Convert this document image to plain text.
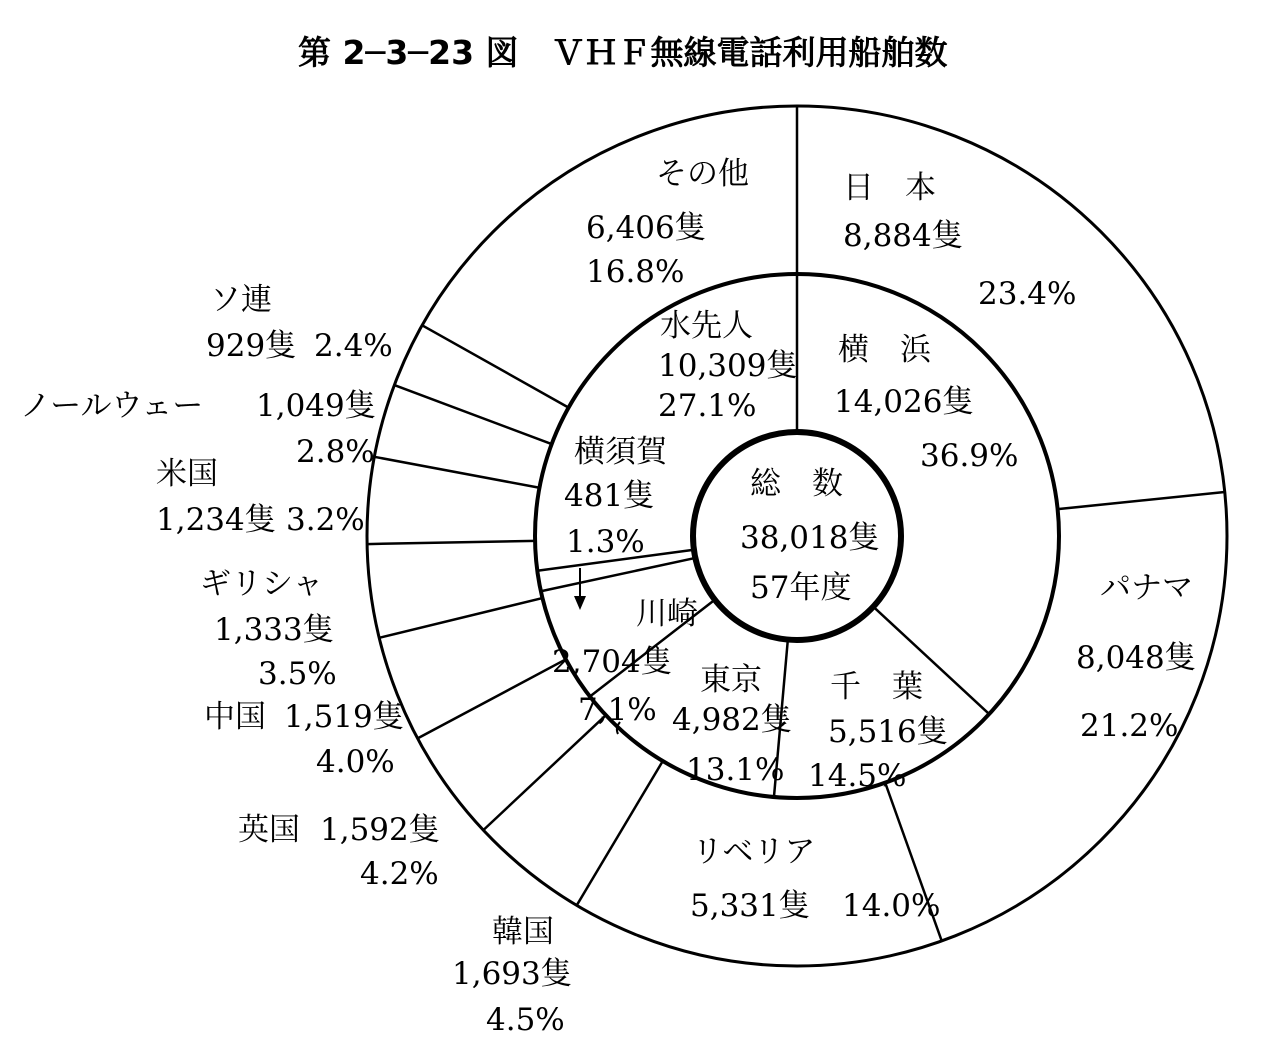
第 2─3─23 図　ＶＨＦ無線電話利用船舶数
日　本
8,884隻
23.4%
パナマ
8,048隻
21.2%
リベリア
5,331隻 14.0%
韓国
1,693隻
4.5%
英国 1,592隻
4.2%
中国 1,519隻
4.0%
ギリシャ
1,333隻
3.5%
米国
1,234隻 3.2%
ノールウェー 1,049隻
2.8%
ソ連
929隻 2.4%
その他
6,406隻
16.8%
横　浜
14,026隻
36.9%
千　葉
5,516隻
14.5%
東京
4,982隻
13.1%
川崎
2,704隻
7,1%
横須賀
481隻
1.3%
水先人
10,309隻
27.1%
総　数
38,018隻
57年度
